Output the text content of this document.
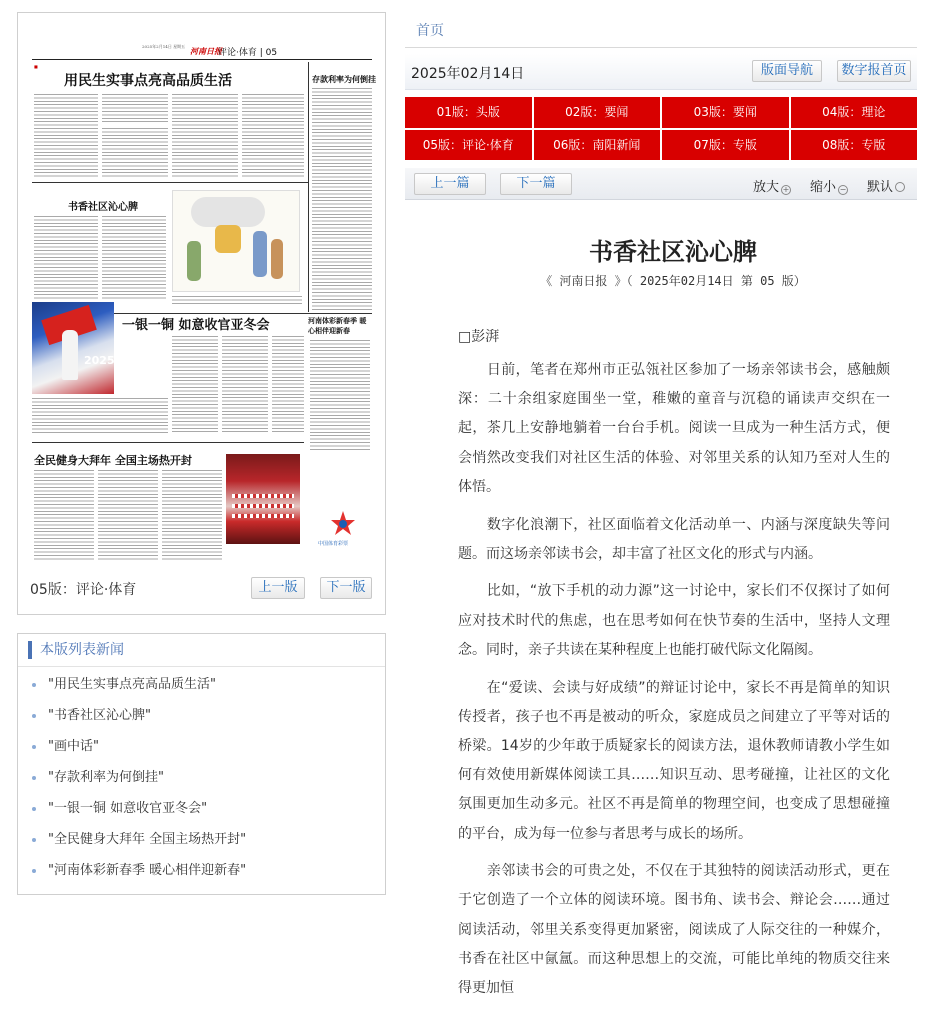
2025年2月14日 星期五 河南日报
评论·体育 | 05
■
用民生实事点亮高品质生活	存款利率为何倒挂
书香社区沁心脾
2025
一银一铜 如意收官亚冬会	河南体彩新春季 暖心相伴迎新春
全民健身大拜年 全国主场热开封
中国体育彩票
05版：评论·体育	上一版	下一版
本版列表新闻
"用民生实事点亮高品质生活"
"书香社区沁心脾"
"画中话"
"存款利率为何倒挂"
"一银一铜 如意收官亚冬会"
"全民健身大拜年 全国主场热开封"
"河南体彩新春季 暖心相伴迎新春"
首页
2025年02月14日	版面导航	数字报首页
01版：头版	02版：要闻	03版：要闻	04版：理论
05版：评论·体育	06版：南阳新闻	07版：专版	08版：专版
上一篇	下一篇	放大 + 缩小 − 默认
书香社区沁心脾
《 河南日报 》（ 2025年02月14日 第 05 版）
□彭湃

　　日前，笔者在郑州市正弘瓴社区参加了一场亲邻读书会，感触颇深：二十余组家庭围坐一堂，稚嫩的童音与沉稳的诵读声交织在一起，茶几上安静地躺着一台台手机。阅读一旦成为一种生活方式，便会悄然改变我们对社区生活的体验、对邻里关系的认知乃至对人生的体悟。

　　数字化浪潮下，社区面临着文化活动单一、内涵与深度缺失等问题。而这场亲邻读书会，却丰富了社区文化的形式与内涵。

　　比如，“放下手机的动力源”这一讨论中，家长们不仅探讨了如何应对技术时代的焦虑，也在思考如何在快节奏的生活中，坚持人文理念。同时，亲子共读在某种程度上也能打破代际文化隔阂。

　　在“爱读、会读与好成绩”的辩证讨论中，家长不再是简单的知识传授者，孩子也不再是被动的听众，家庭成员之间建立了平等对话的桥梁。14岁的少年敢于质疑家长的阅读方法，退休教师请教小学生如何有效使用新媒体阅读工具……知识互动、思考碰撞，让社区的文化氛围更加生动多元。社区不再是简单的物理空间，也变成了思想碰撞的平台，成为每一位参与者思考与成长的场所。

　　亲邻读书会的可贵之处，不仅在于其独特的阅读活动形式，更在于它创造了一个立体的阅读环境。图书角、读书会、辩论会……通过阅读活动，邻里关系变得更加紧密，阅读成了人际交往的一种媒介，书香在社区中氤氲。而这种思想上的交流，可能比单纯的物质交往来得更加恒
